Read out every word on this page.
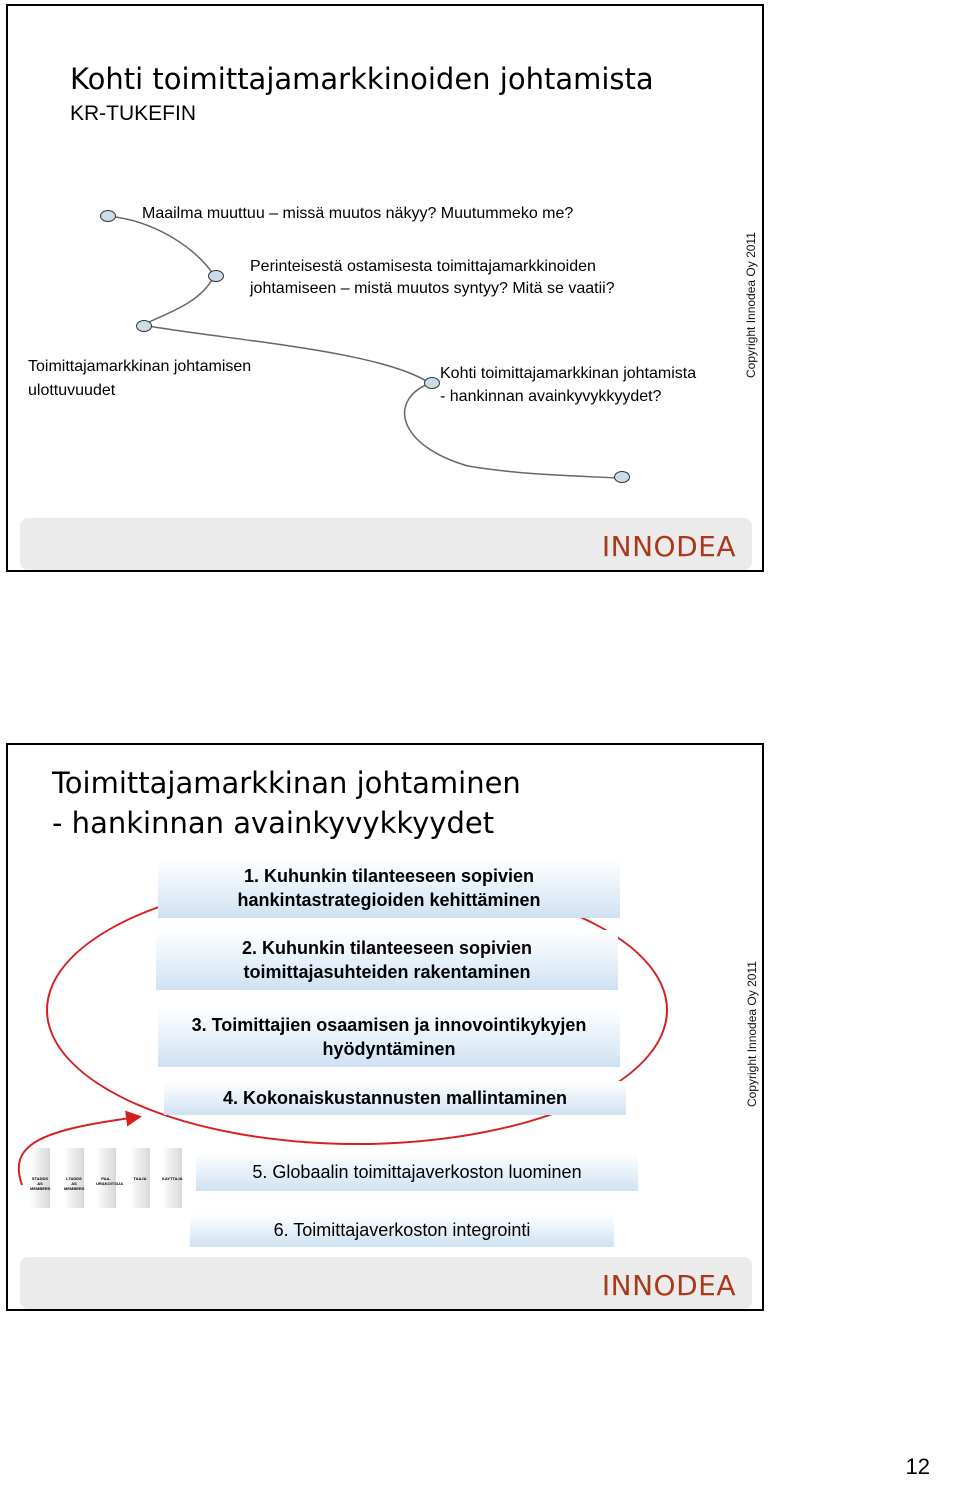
Kohti toimittajamarkkinoiden johtamista
KR-TUKEFIN
Maailma muuttuu – missä muutos näkyy? Muutummeko me?
Perinteisestä ostamisesta toimittajamarkkinoiden
johtamiseen – mistä muutos syntyy? Mitä se vaatii?
Toimittajamarkkinan johtamisen
ulottuvuudet
Kohti toimittajamarkkinan johtamista
- hankinnan avainkyvykkyydet?
Copyright Innodea Oy 2011
INNODEA
Toimittajamarkkinan johtaminen
- hankinnan avainkyvykkyydet
1. Kuhunkin tilanteeseen sopivien
hankintastrategioiden kehittäminen
2. Kuhunkin tilanteeseen sopivien
toimittajasuhteiden rakentaminen
3. Toimittajien osaamisen ja innovointikykyjen
hyödyntäminen
4. Kokonaiskustannusten mallintaminen
5. Globaalin toimittajaverkoston luominen
6. Toimittajaverkoston integrointi
STADDS
AS
MEMBERS
LTADDS
AS
MEMBERS
PAA-
URAKOITSIJA
TAAJA	KAYTTAJA
Copyright Innodea Oy 2011
INNODEA
12
